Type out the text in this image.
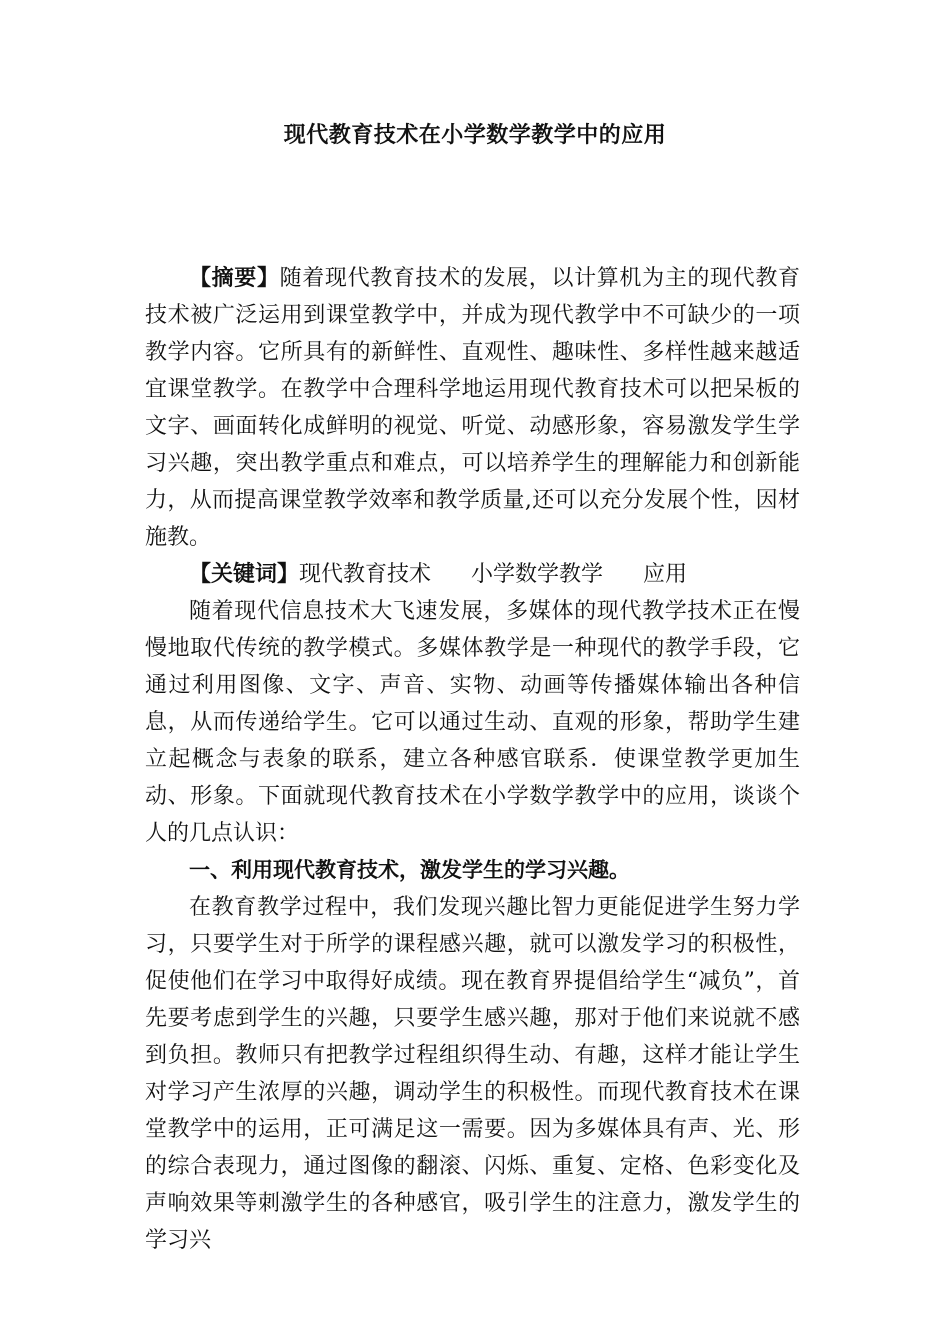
现代教育技术在小学数学教学中的应用

【摘要】随着现代教育技术的发展，以计算机为主的现代教育技术被广泛运用到课堂教学中，并成为现代教学中不可缺少的一项教学内容。它所具有的新鲜性、直观性、趣味性、多样性越来越适宜课堂教学。在教学中合理科学地运用现代教育技术可以把呆板的文字、画面转化成鲜明的视觉、听觉、动感形象，容易激发学生学习兴趣，突出教学重点和难点，可以培养学生的理解能力和创新能力，从而提高课堂教学效率和教学质量,还可以充分发展个性，因材施教。

【关键词】现代教育技术 小学数学教学 应用

随着现代信息技术大飞速发展，多媒体的现代教学技术正在慢慢地取代传统的教学模式。多媒体教学是一种现代的教学手段，它通过利用图像、文字、声音、实物、动画等传播媒体输出各种信息，从而传递给学生。它可以通过生动、直观的形象，帮助学生建立起概念与表象的联系，建立各种感官联系．使课堂教学更加生动、形象。下面就现代教育技术在小学数学教学中的应用，谈谈个人的几点认识：

一、利用现代教育技术，激发学生的学习兴趣。

在教育教学过程中，我们发现兴趣比智力更能促进学生努力学习，只要学生对于所学的课程感兴趣，就可以激发学习的积极性，促使他们在学习中取得好成绩。现在教育界提倡给学生“减负”，首先要考虑到学生的兴趣，只要学生感兴趣，那对于他们来说就不感到负担。教师只有把教学过程组织得生动、有趣，这样才能让学生对学习产生浓厚的兴趣，调动学生的积极性。而现代教育技术在课堂教学中的运用，正可满足这一需要。因为多媒体具有声、光、形的综合表现力，通过图像的翻滚、闪烁、重复、定格、色彩变化及声响效果等刺激学生的各种感官，吸引学生的注意力，激发学生的学习兴
